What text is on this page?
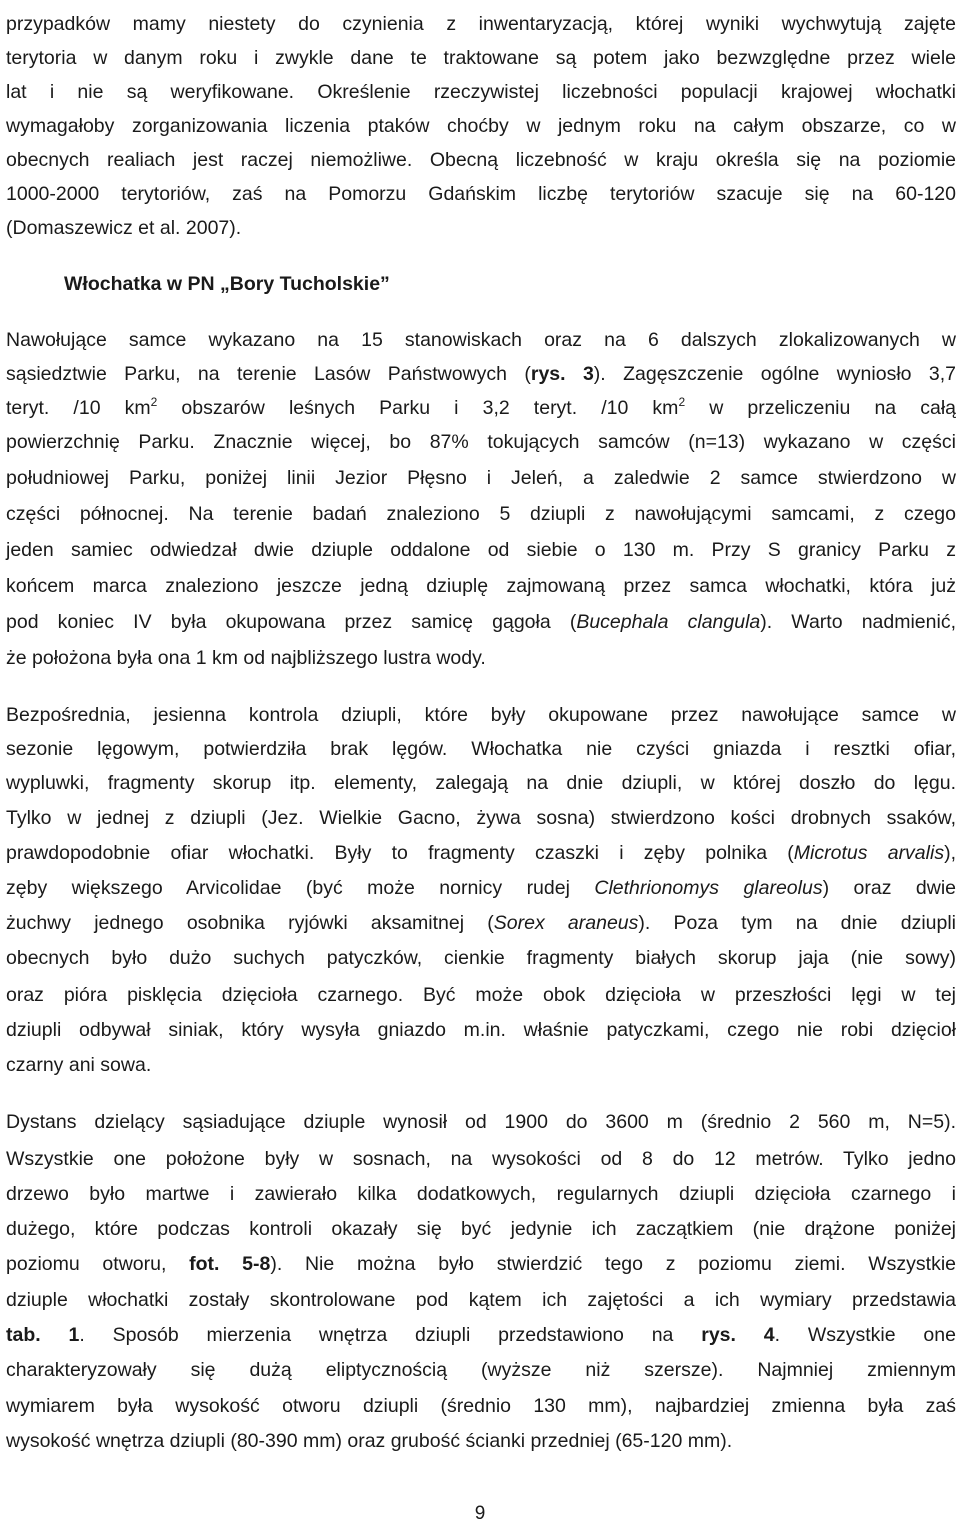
przypadków mamy niestety do czynienia z inwentaryzacją, której wyniki wychwytują zajęte
terytoria w danym roku i zwykle dane te traktowane są potem jako bezwzględne przez wiele
lat i nie są weryfikowane. Określenie rzeczywistej liczebności populacji krajowej włochatki
wymagałoby zorganizowania liczenia ptaków choćby w jednym roku na całym obszarze, co w
obecnych realiach jest raczej niemożliwe. Obecną liczebność w kraju określa się na poziomie
1000-2000 terytoriów, zaś na Pomorzu Gdańskim liczbę terytoriów szacuje się na 60-120
(Domaszewicz et al. 2007).
Włochatka w PN „Bory Tucholskie”
Nawołujące samce wykazano na 15 stanowiskach oraz na 6 dalszych zlokalizowanych w
sąsiedztwie Parku, na terenie Lasów Państwowych (rys. 3). Zagęszczenie ogólne wyniosło 3,7
teryt. /10 $km^2$ obszarów leśnych Parku i 3,2 teryt. /10 $km^2$ w przeliczeniu na całą
powierzchnię Parku. Znacznie więcej, bo 87% tokujących samców (n=13) wykazano w części
południowej Parku, poniżej linii Jezior Płęsno i Jeleń, a zaledwie 2 samce stwierdzono w
części północnej. Na terenie badań znaleziono 5 dziupli z nawołującymi samcami, z czego
jeden samiec odwiedzał dwie dziuple oddalone od siebie o 130 m. Przy S granicy Parku z
końcem marca znaleziono jeszcze jedną dziuplę zajmowaną przez samca włochatki, która już
pod koniec IV była okupowana przez samicę gągoła (Bucephala clangula). Warto nadmienić,
że położona była ona 1 km od najbliższego lustra wody.
Bezpośrednia, jesienna kontrola dziupli, które były okupowane przez nawołujące samce w
sezonie lęgowym, potwierdziła brak lęgów. Włochatka nie czyści gniazda i resztki ofiar,
wypluwki, fragmenty skorup itp. elementy, zalegają na dnie dziupli, w której doszło do lęgu.
Tylko w jednej z dziupli (Jez. Wielkie Gacno, żywa sosna) stwierdzono kości drobnych ssaków,
prawdopodobnie ofiar włochatki. Były to fragmenty czaszki i zęby polnika (Microtus arvalis),
zęby większego Arvicolidae (być może nornicy rudej Clethrionomys glareolus) oraz dwie
żuchwy jednego osobnika ryjówki aksamitnej (Sorex araneus). Poza tym na dnie dziupli
obecnych było dużo suchych patyczków, cienkie fragmenty białych skorup jaja (nie sowy)
oraz pióra pisklęcia dzięcioła czarnego. Być może obok dzięcioła w przeszłości lęgi w tej
dziupli odbywał siniak, który wysyła gniazdo m.in. właśnie patyczkami, czego nie robi dzięcioł
czarny ani sowa.
Dystans dzielący sąsiadujące dziuple wynosił od 1900 do 3600 m (średnio 2 560 m, N=5).
Wszystkie one położone były w sosnach, na wysokości od 8 do 12 metrów. Tylko jedno
drzewo było martwe i zawierało kilka dodatkowych, regularnych dziupli dzięcioła czarnego i
dużego, które podczas kontroli okazały się być jedynie ich zaczątkiem (nie drążone poniżej
poziomu otworu, fot. 5-8). Nie można było stwierdzić tego z poziomu ziemi. Wszystkie
dziuple włochatki zostały skontrolowane pod kątem ich zajętości a ich wymiary przedstawia
tab. 1. Sposób mierzenia wnętrza dziupli przedstawiono na rys. 4. Wszystkie one
charakteryzowały się dużą eliptycznością (wyższe niż szersze). Najmniej zmiennym
wymiarem była wysokość otworu dziupli (średnio 130 mm), najbardziej zmienna była zaś
wysokość wnętrza dziupli (80-390 mm) oraz grubość ścianki przedniej (65-120 mm).
9
